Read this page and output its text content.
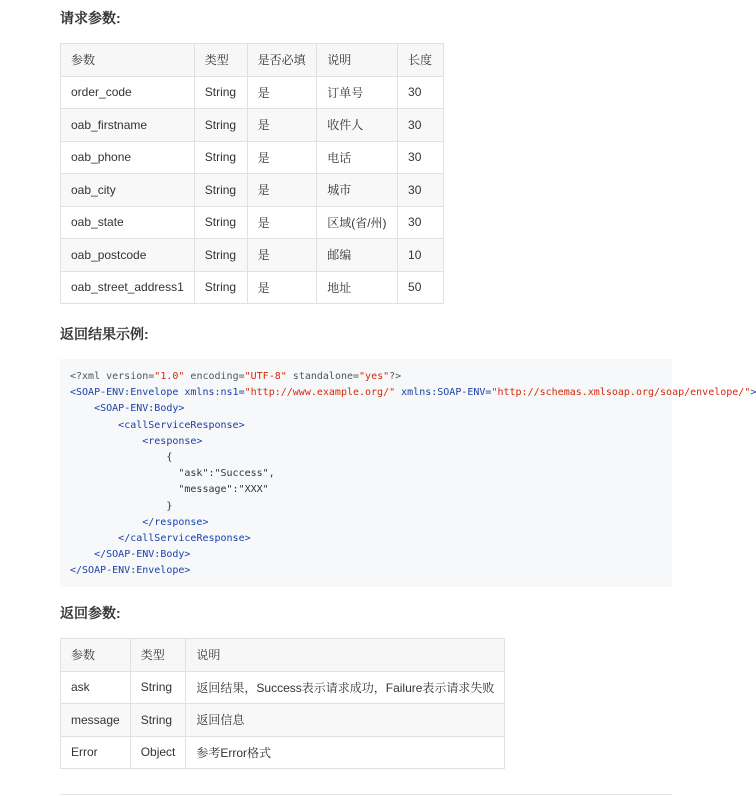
请求参数:
参数	类型	是否必填	说明	长度
order_code	String	是	订单号	30
oab_firstname	String	是	收件人	30
oab_phone	String	是	电话	30
oab_city	String	是	城市	30
oab_state	String	是	区域(省/州)	30
oab_postcode	String	是	邮编	10
oab_street_address1	String	是	地址	50
返回结果示例:
<?xml version="1.0" encoding="UTF-8" standalone="yes"?>
<SOAP-ENV:Envelope xmlns:ns1="http://www.example.org/" xmlns:SOAP-ENV="http://schemas.xmlsoap.org/soap/envelope/">
<SOAP-ENV:Body>
<callServiceResponse>
<response>
{
"ask":"Success",
"message":"XXX"
}
</response>
</callServiceResponse>
</SOAP-ENV:Body>
</SOAP-ENV:Envelope>
返回参数:
参数	类型	说明
ask	String	返回结果，Success表示请求成功，Failure表示请求失败
message	String	返回信息
Error	Object	参考Error格式
